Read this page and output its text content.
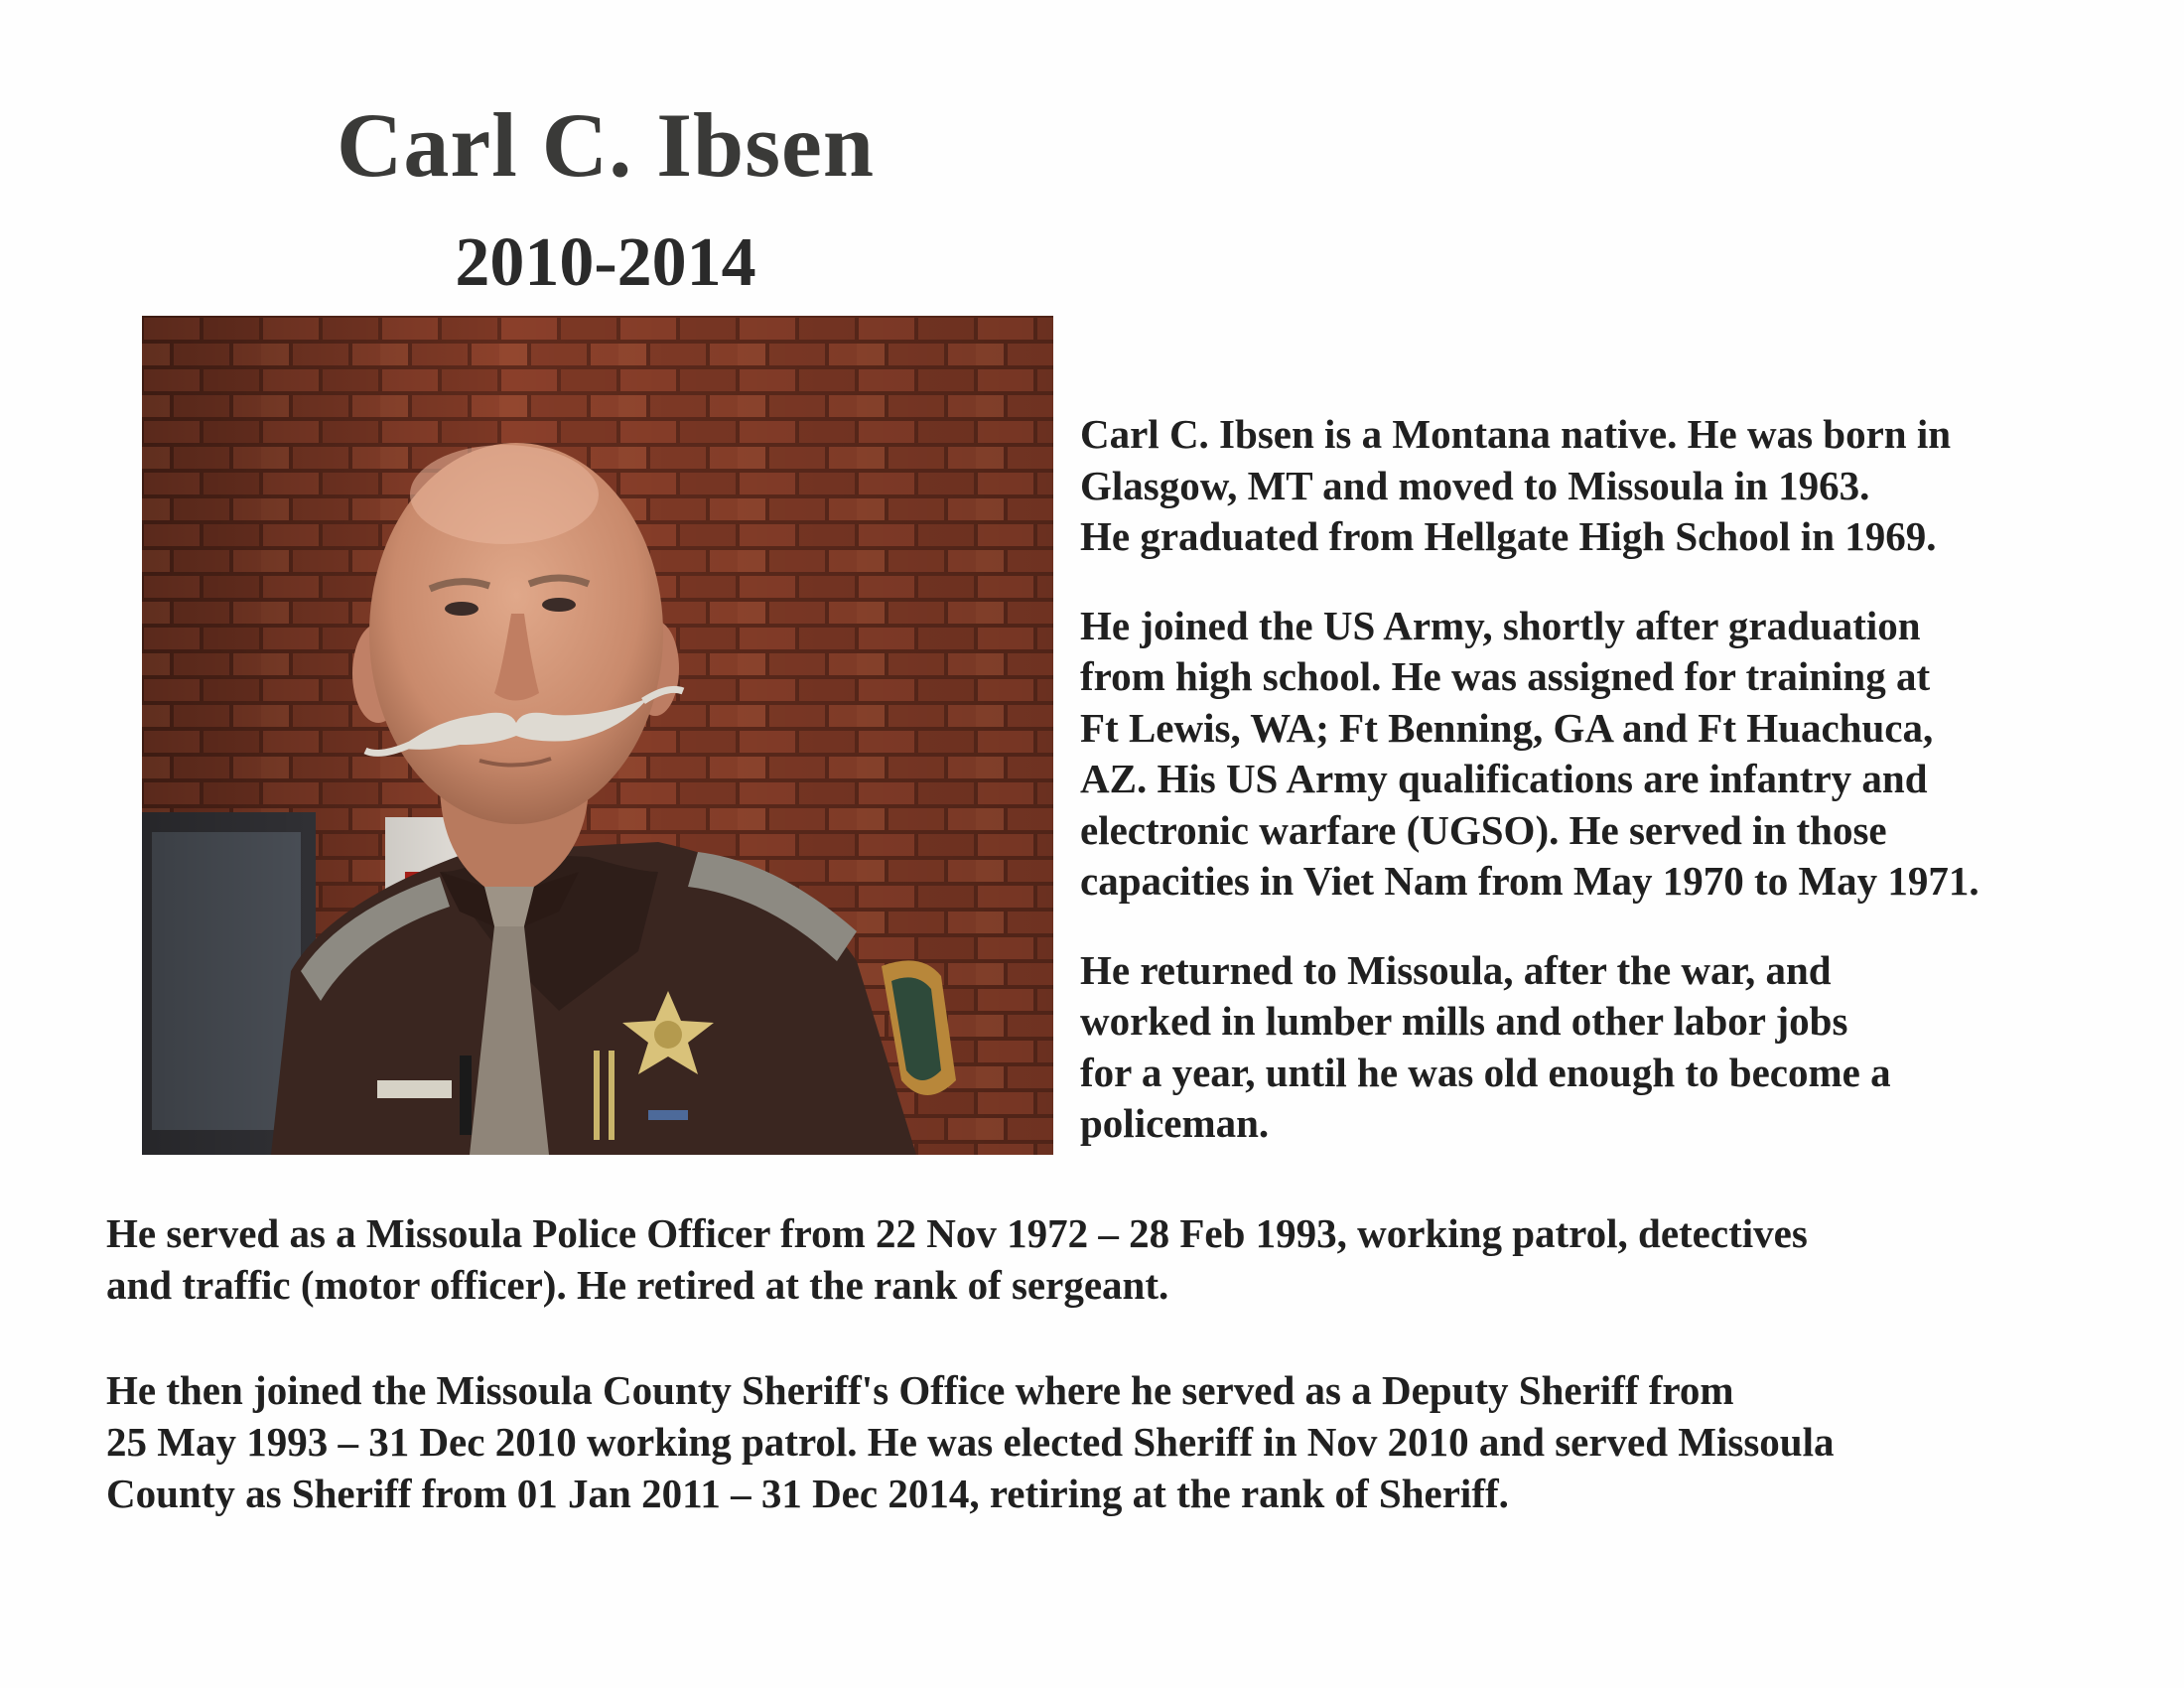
Carl C. Ibsen
2010-2014

Carl C. Ibsen is a Montana native. He was born in
Glasgow, MT and moved to Missoula in 1963.
He graduated from Hellgate High School in 1969.

He joined the US Army, shortly after graduation
from high school. He was assigned for training at
Ft Lewis, WA; Ft Benning, GA and Ft Huachuca,
AZ. His US Army qualifications are infantry and
electronic warfare (UGSO). He served in those
capacities in Viet Nam from May 1970 to May 1971.

He returned to Missoula, after the war, and
worked in lumber mills and other labor jobs
for a year, until he was old enough to become a
policeman.

He served as a Missoula Police Officer from 22 Nov 1972 – 28 Feb 1993, working patrol, detectives
and traffic (motor officer). He retired at the rank of sergeant.

He then joined the Missoula County Sheriff's Office where he served as a Deputy Sheriff from
25 May 1993 – 31 Dec 2010 working patrol. He was elected Sheriff in Nov 2010 and served Missoula
County as Sheriff from 01 Jan 2011 – 31 Dec 2014, retiring at the rank of Sheriff.
